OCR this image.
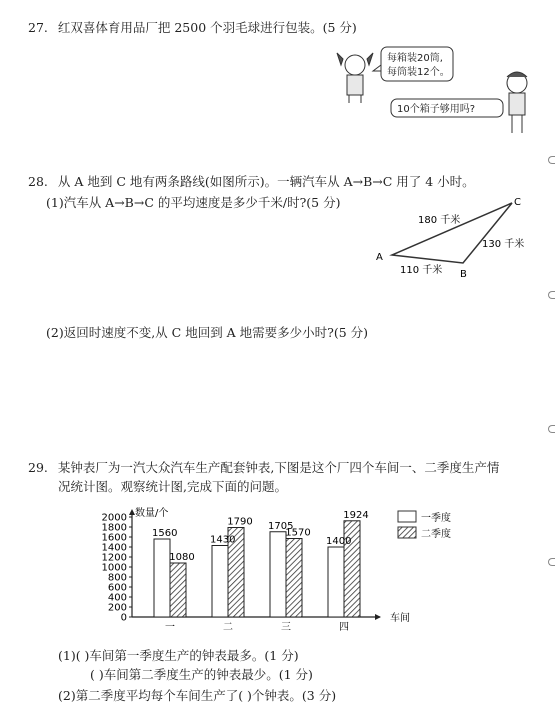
27. 红双喜体育用品厂把 2500 个羽毛球进行包装。(5 分)
每箱装20筒,
每筒装12个。
10个箱子够用吗?
28. 从 A 地到 C 地有两条路线(如图所示)。一辆汽车从 A→B→C 用了 4 小时。
(1)汽车从 A→B→C 的平均速度是多少千米/时?(5 分)
A
B
C
180 千米
130 千米
110 千米
(2)返回时速度不变,从 C 地回到 A 地需要多少小时?(5 分)
29. 某钟表厂为一汽大众汽车生产配套钟表,下图是这个厂四个车间一、二季度生产情
况统计图。观察统计图,完成下面的问题。
0
200
400
600
800
1000
1200
1400
1600
1800
2000
1560
1080
一
1430
1790
二
1705
1570
三
1400
1924
四
数量/个
车间
一季度
二季度
(1)( )车间第一季度生产的钟表最多。(1 分)
( )车间第二季度生产的钟表最少。(1 分)
(2)第二季度平均每个车间生产了( )个钟表。(3 分)
